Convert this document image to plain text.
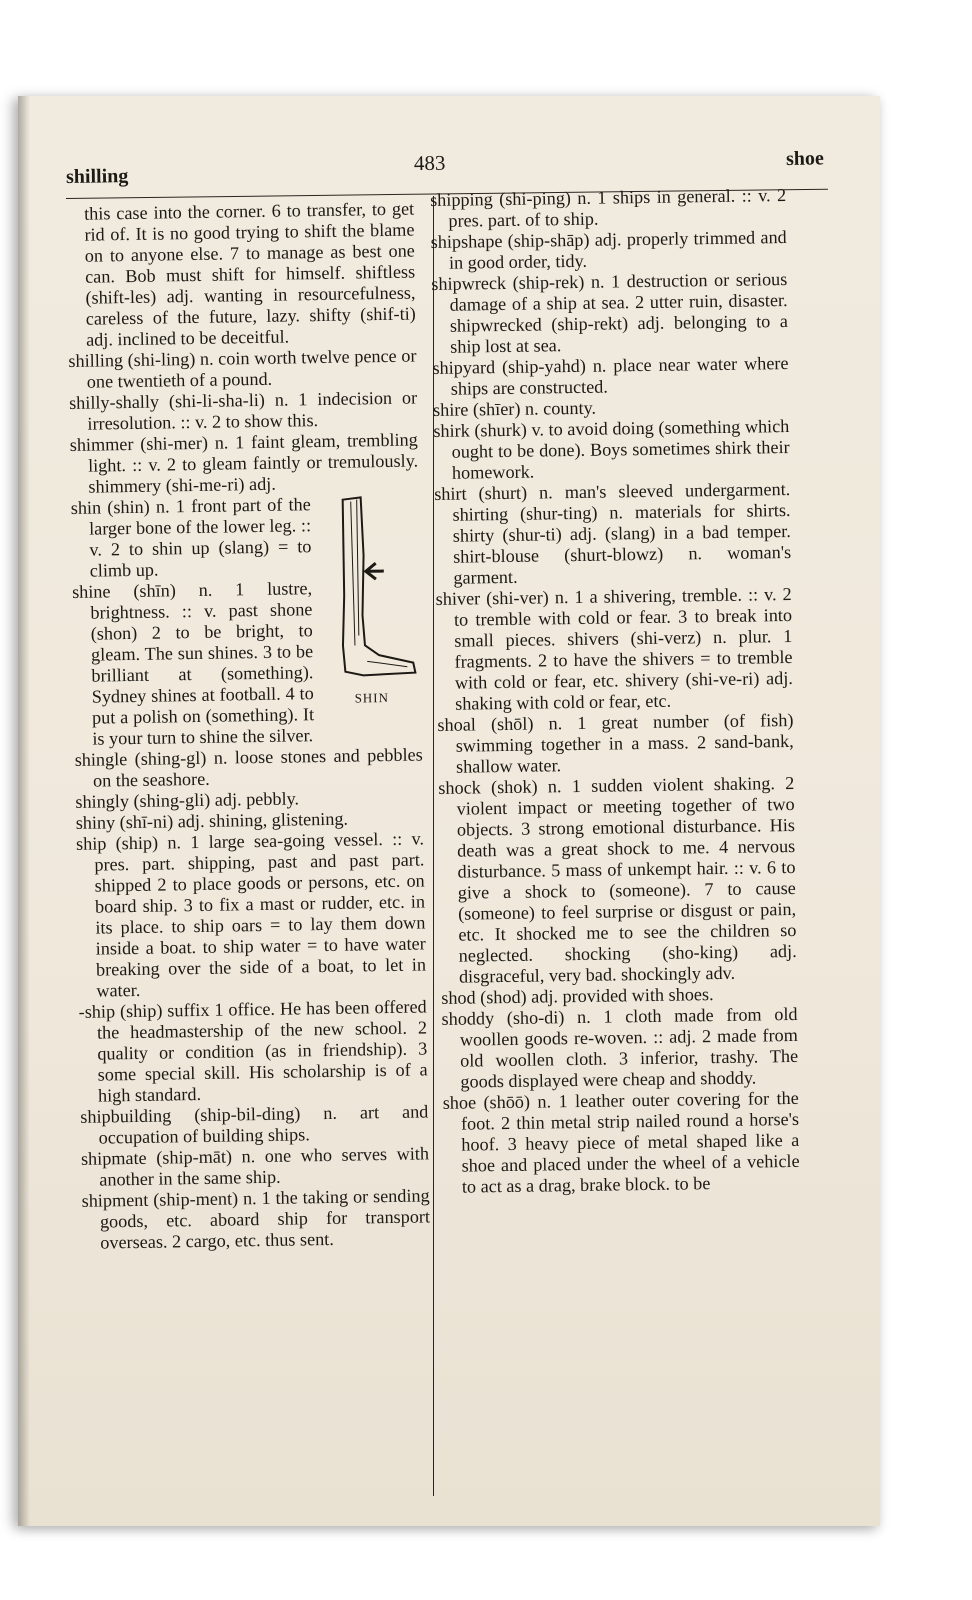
shilling
483	shoe

this case into the corner. 6 to transfer, to get rid of. It is no good trying to shift the blame on to anyone else. 7 to manage as best one can. Bob must shift for himself. shiftless (shift-les) adj. wanting in resourcefulness, careless of the future, lazy. shifty (shif-ti) adj. inclined to be deceitful.

shilling (shi-ling) n. coin worth twelve pence or one twentieth of a pound.

shilly-shally (shi-li-sha-li) n. 1 indecision or irresolution. :: v. 2 to show this.

shimmer (shi-mer) n. 1 faint gleam, trembling light. :: v. 2 to gleam faintly or tremulously. shimmery (shi-me-ri) adj.

SHIN

shin (shin) n. 1 front part of the larger bone of the lower leg. :: v. 2 to shin up (slang) = to climb up.

shine (shīn) n. 1 lustre, brightness. :: v. past shone (shon) 2 to be bright, to gleam. The sun shines. 3 to be brilliant at (something). Sydney shines at football. 4 to put a polish on (something). It is your turn to shine the silver.

shingle (shing-gl) n. loose stones and pebbles on the seashore.

shingly (shing-gli) adj. pebbly.

shiny (shī-ni) adj. shining, glistening.

ship (ship) n. 1 large sea-going vessel. :: v. pres. part. shipping, past and past part. shipped 2 to place goods or persons, etc. on board ship. 3 to fix a mast or rudder, etc. in its place. to ship oars = to lay them down inside a boat. to ship water = to have water breaking over the side of a boat, to let in water.

-ship (ship) suffix 1 office. He has been offered the headmastership of the new school. 2 quality or condition (as in friendship). 3 some special skill. His scholarship is of a high standard.

shipbuilding (ship-bil-ding) n. art and occupation of building ships.

shipmate (ship-māt) n. one who serves with another in the same ship.

shipment (ship-ment) n. 1 the taking or sending goods, etc. aboard ship for transport overseas. 2 cargo, etc. thus sent.

shipping (shi-ping) n. 1 ships in general. :: v. 2 pres. part. of to ship.

shipshape (ship-shāp) adj. properly trimmed and in good order, tidy.

shipwreck (ship-rek) n. 1 destruction or serious damage of a ship at sea. 2 utter ruin, disaster. shipwrecked (ship-rekt) adj. belonging to a ship lost at sea.

shipyard (ship-yahd) n. place near water where ships are constructed.

shire (shīer) n. county.

shirk (shurk) v. to avoid doing (something which ought to be done). Boys sometimes shirk their homework.

shirt (shurt) n. man's sleeved undergarment. shirting (shur-ting) n. materials for shirts. shirty (shur-ti) adj. (slang) in a bad temper. shirt-blouse (shurt-blowz) n. woman's garment.

shiver (shi-ver) n. 1 a shivering, tremble. :: v. 2 to tremble with cold or fear. 3 to break into small pieces. shivers (shi-verz) n. plur. 1 fragments. 2 to have the shivers = to tremble with cold or fear, etc. shivery (shi-ve-ri) adj. shaking with cold or fear, etc.

shoal (shōl) n. 1 great number (of fish) swimming together in a mass. 2 sand-bank, shallow water.

shock (shok) n. 1 sudden violent shaking. 2 violent impact or meeting together of two objects. 3 strong emotional disturbance. His death was a great shock to me. 4 nervous disturbance. 5 mass of unkempt hair. :: v. 6 to give a shock to (someone). 7 to cause (someone) to feel surprise or disgust or pain, etc. It shocked me to see the children so neglected. shocking (sho-king) adj. disgraceful, very bad. shockingly adv.

shod (shod) adj. provided with shoes.

shoddy (sho-di) n. 1 cloth made from old woollen goods re-woven. :: adj. 2 made from old woollen cloth. 3 inferior, trashy. The goods displayed were cheap and shoddy.

shoe (shōō) n. 1 leather outer covering for the foot. 2 thin metal strip nailed round a horse's hoof. 3 heavy piece of metal shaped like a shoe and placed under the wheel of a vehicle to act as a drag, brake block. to be
